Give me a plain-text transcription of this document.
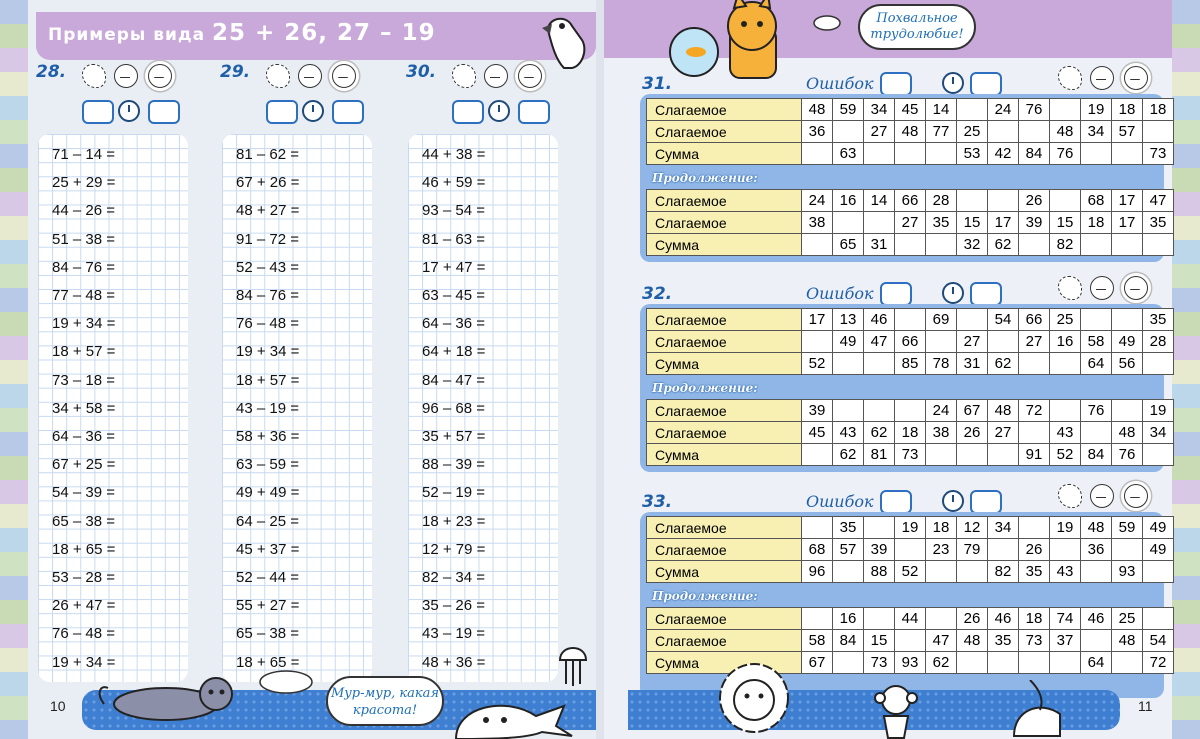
Примеры вида 25 + 26, 27 – 19
Похвальное трудолюбие!
28.
71 – 14 =
25 + 29 =
44 – 26 =
51 – 38 =
84 – 76 =
77 – 48 =
19 + 34 =
18 + 57 =
73 – 18 =
34 + 58 =
64 – 36 =
67 + 25 =
54 – 39 =
65 – 38 =
18 + 65 =
53 – 28 =
26 + 47 =
76 – 48 =
19 + 34 =
29.
81 – 62 =
67 + 26 =
48 + 27 =
91 – 72 =
52 – 43 =
84 – 76 =
76 – 48 =
19 + 34 =
18 + 57 =
43 – 19 =
58 + 36 =
63 – 59 =
49 + 49 =
64 – 25 =
45 + 37 =
52 – 44 =
55 + 27 =
65 – 38 =
18 + 65 =
30.
44 + 38 =
46 + 59 =
93 – 54 =
81 – 63 =
17 + 47 =
63 – 45 =
64 – 36 =
64 + 18 =
84 – 47 =
96 – 68 =
35 + 57 =
88 – 39 =
52 – 19 =
18 + 23 =
12 + 79 =
82 – 34 =
35 – 26 =
43 – 19 =
48 + 36 =
31.	Ошибок
Слагаемое	48	59	34	45	14		24	76		19	18	18
Слагаемое	36		27	48	77	25			48	34	57	
Сумма		63				53	42	84	76			73
Слагаемое	24	16	14	66	28			26		68	17	47
Слагаемое	38			27	35	15	17	39	15	18	17	35
Сумма		65	31			32	62		82			
Продолжение:
32.	Ошибок
Слагаемое	17	13	46		69		54	66	25			35
Слагаемое		49	47	66		27		27	16	58	49	28
Сумма	52			85	78	31	62			64	56	
Слагаемое	39				24	67	48	72		76		19
Слагаемое	45	43	62	18	38	26	27		43		48	34
Сумма		62	81	73				91	52	84	76	
Продолжение:
33.	Ошибок
Слагаемое		35		19	18	12	34		19	48	59	49
Слагаемое	68	57	39		23	79		26		36		49
Сумма	96		88	52			82	35	43		93	
Слагаемое		16		44		26	46	18	74	46	25	
Слагаемое	58	84	15		47	48	35	73	37		48	54
Сумма	67		73	93	62					64		72
Продолжение:
Мур-мур, какая красота!
10	11
